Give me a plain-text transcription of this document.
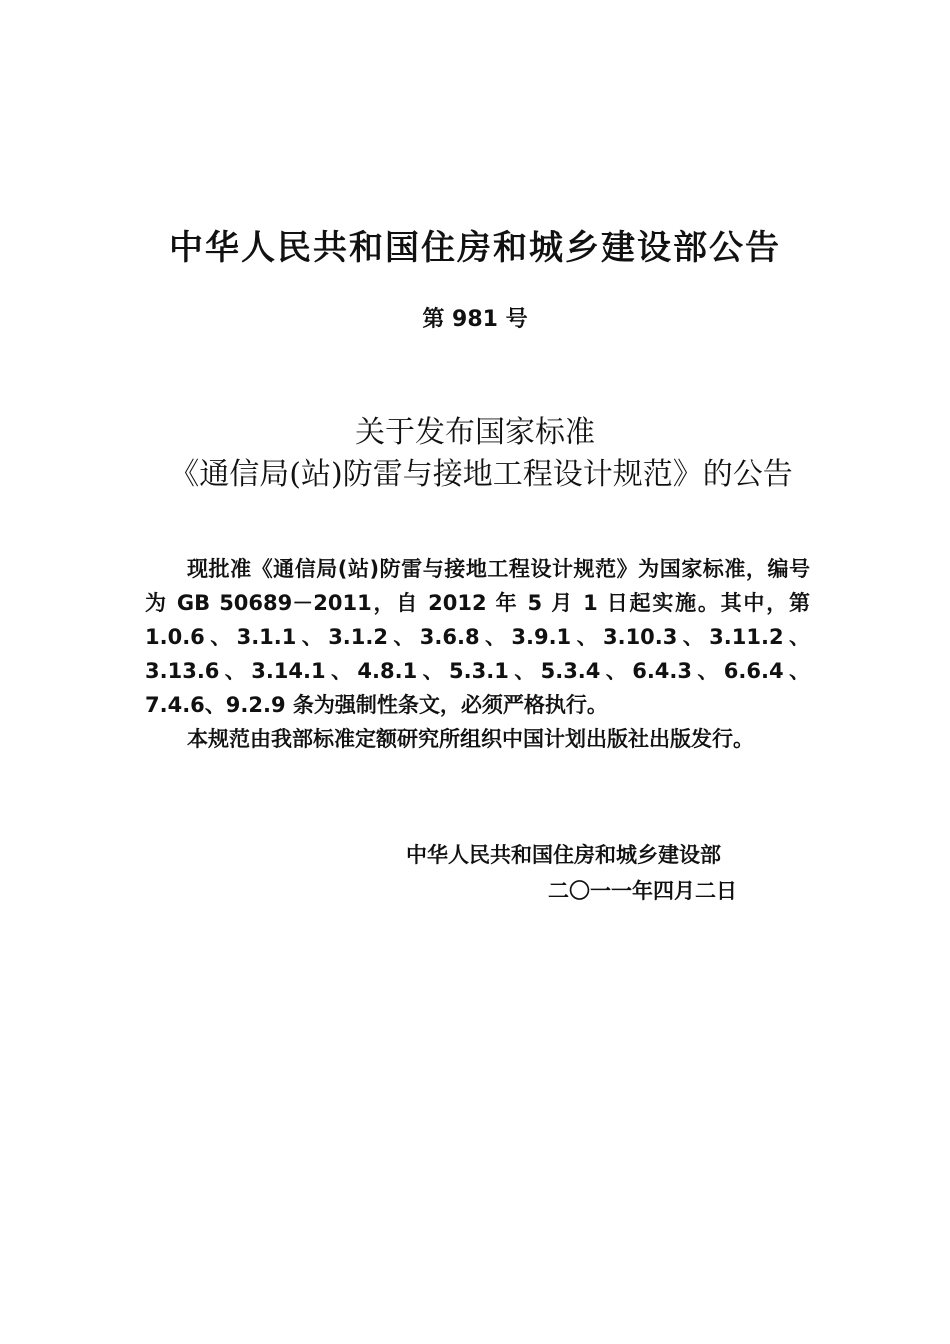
中华人民共和国住房和城乡建设部公告
第 981 号
关于发布国家标准
《通信局(站)防雷与接地工程设计规范》的公告

现批准《通信局(站)防雷与接地工程设计规范》为国家标准，编号为 GB 50689－2011，自 2012 年 5 月 1 日起实施。其中，第 1.0.6、3.1.1、3.1.2、3.6.8、3.9.1、3.10.3、3.11.2、3.13.6、3.14.1、4.8.1、5.3.1、5.3.4、6.4.3、6.6.4、7.4.6、9.2.9 条为强制性条文，必须严格执行。

本规范由我部标准定额研究所组织中国计划出版社出版发行。

中华人民共和国住房和城乡建设部
二〇一一年四月二日
